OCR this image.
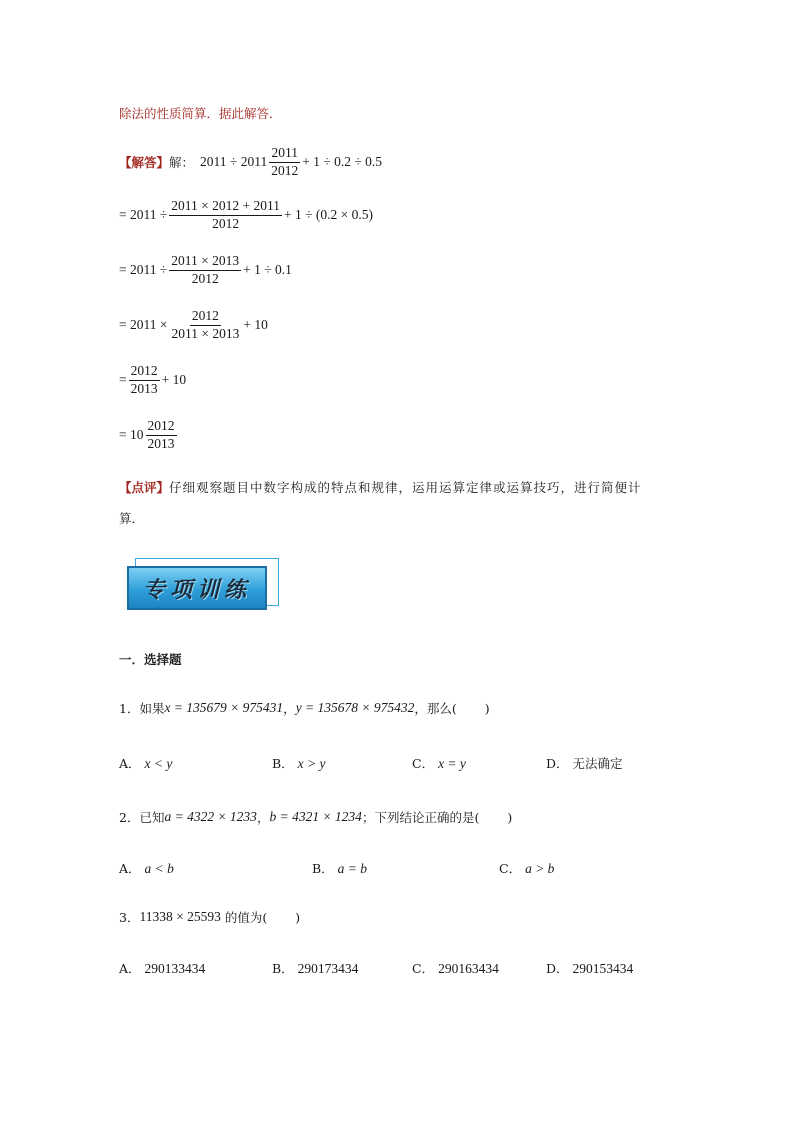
除法的性质简算．据此解答．
【解答】 解： $2011 \div 2011 \frac{2011}{2012} + 1 \div 0.2 \div 0.5$
= $2011 \div \frac{2011 \times 2012 + 2011}{2012} + 1 \div (0.2 \times 0.5)$
= $2011 \div \frac{2011 \times 2013}{2012} + 1 \div 0.1$
= $2011 \times \frac{2012}{2011 \times 2013} + 10$
= $\frac{2012}{2013} + 10$
= $10 \frac{2012}{2013}$
【点评】 仔细观察题目中数字构成的特点和规律，运用运算定律或运算技巧，进行简便计
算．
专项训练
一．选择题
1．如果 x = 135679 × 975431 ， y = 135678 × 975432 ，那么( )
A． x < y	B． x > y	C． x = y	D． 无法确定
2．已知 a = 4322 × 1233 ， b = 4321 × 1234 ；下列结论正确的是( )
A． a < b	B． a = b	C． a > b
3． 11338 × 25593 的值为( )
A． 290133434	B． 290173434	C． 290163434	D． 290153434
